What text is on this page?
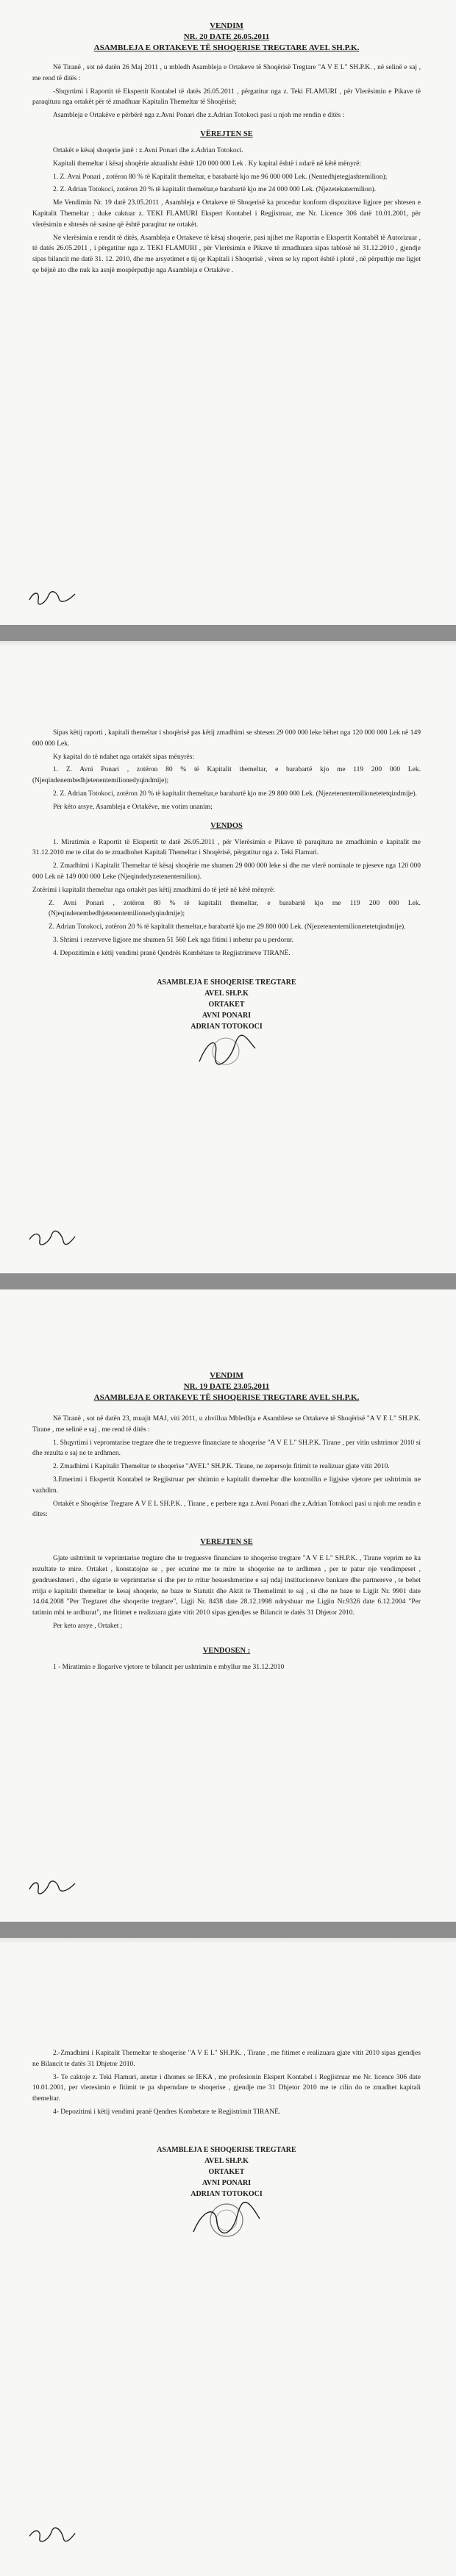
VENDIM
NR. 20 DATE 26.05.2011
ASAMBLEJA E ORTAKEVE TË SHOQERISE TREGTARE AVEL SH.P.K.

Në Tiranë , sot në datën 26 Maj 2011 , u mbledh Asambleja e Ortakeve të Shoqërisë Tregtare "A V E L" SH.P.K. , në selinë e saj , me rend të ditës :

-Shqyrtimi i Raportit të Ekspertit Kontabel të datës 26.05.2011 , përgatitur nga z. Teki FLAMURI , për Vlerësimin e Pikave të paraqitura nga ortakët për të zmadhuar Kapitalin Themeltar të Shoqërisë;

Asambleja e Ortakëve e përbërë nga z.Avni Ponari dhe z.Adrian Totokoci pasi u njoh me rendin e ditës :

VËREJTEN SE

Ortakët e kësaj shoqerie janë : z.Avni Ponari dhe z.Adrian Totokoci.

Kapitali themeltar i kësaj shoqërie aktualisht është 120 000 000 Lek . Ky kapital është i ndarë në këtë mënyrë:

1. Z. Avni Ponari , zotëron 80 % të Kapitalit themeltar, e barabartë kjo me 96 000 000 Lek. (Nentedhjetegjashtemilion);

2. Z. Adrian Totokoci, zotëron 20 % të kapitalit themeltar,e barabartë kjo me 24 000 000 Lek. (Njezetekatermilion).

Me Vendimin Nr. 19 datë 23.05.2011 , Asambleja e Ortakeve të Shoqerisë ka procedur konform dispozitave ligjore per shtesen e Kapitalit Themeltar ; duke caktuar z. TEKI FLAMURI Ekspert Kontabel i Regjistruar, me Nr. Licence 306 datë 10.01.2001, për vlerësimin e shtesës në sasine që është paraqitur ne ortakët.

Ne vlerësimin e rendit të ditës, Asambleja e Ortakeve të kësaj shoqerie, pasi njihet me Raportin e Ekspertit Kontabël të Autorizuar , të datës 26.05.2011 , i përgatitur nga z. TEKI FLAMURI , për Vlerësimin e Pikave të zmadhuara sipas tablosë në 31.12.2010 , gjendje sipas bilancit me datë 31. 12. 2010, dhe me arsyetimet e tij qe Kapitali i Shoqerisë , vëren se ky raport është i plotë , në përputhje me ligjet qe bëjnë ato dhe nuk ka asnjë mospërputhje nga Asambleja e Ortakëve .

Sipas këtij raporti , kapitali themeltar i shoqërisë pas këtij zmadhimi se shtesen 29 000 000 leke bëhet nga 120 000 000 Lek në 149 000 000 Lek.

Ky kapital do të ndahet nga ortakët sipas mënyrës:

1. Z. Avni Ponari , zotëron 80 % të Kapitalit themeltar, e barabartë kjo me 119 200 000 Lek. (Njeqindenembedhjetenentemilionedyqindmije);

2. Z. Adrian Totokoci, zotëron 20 % të kapitalit themeltar,e barabartë kjo me 29 800 000 Lek. (Njezetenentemilionetetetqindmije).

Për këto arsye, Asambleja e Ortakëve, me votim unanim;

VENDOS

1. Miratimin e Raportit të Ekspertit te datë 26.05.2011 , për Vlerësimin e Pikave të paraqitura ne zmadhimin e kapitalit me 31.12.2010 me te cilat do te zmadhohet Kapitali Themeltar i Shoqërisë, përgatitur nga z. Teki Flamuri.

2. Zmadhimi i Kapitalit Themeltar të kësaj shoqërie me shumen 29 000 000 leke si dhe me vlerë nominale te pjeseve nga 120 000 000 Lek në 149 000 000 Leke (Njeqindedyzetenentemilion).

Zotërimi i kapitalit themeltar nga ortakët pas këtij zmadhimi do të jetë në këtë mënyrë:

Z. Avni Ponari , zotëron 80 % të kapitalit themeltar, e barabartë kjo me 119 200 000 Lek. (Njeqindenembedhjetenentemilionedyqindmije);

Z. Adrian Totokoci, zotëron 20 % të kapitalit themeltar,e barabartë kjo me 29 800 000 Lek. (Njezetenentemilionetetetqindmije).

3. Shtimi i rezerveve ligjore me shumen 51 560 Lek nga fitimi i mbetur pa u perdorur.

4. Depozitimin e këtij vendimi pranë Qendrës Kombëtare te Regjistrimeve TIRANË.

ASAMBLEJA E SHOQERISE TREGTARE
AVEL SH.P.K
ORTAKET
AVNI PONARI
ADRIAN TOTOKOCI
VENDIM
NR. 19 DATE 23.05.2011
ASAMBLEJA E ORTAKEVE TË SHOQERISE TREGTARE AVEL SH.P.K.

Në Tiranë , sot në datën 23, muajit MAJ, viti 2011, u zhvillua Mbledhja e Asamblese se Ortakeve të Shoqërisë "A V E L" SH.P.K. Tirane , me selinë e saj , me rend të ditës :

1. Shqyrtimi i vepromtarise tregtare dhe te treguesve financiare te shoqerise "A V E L" SH.P.K. Tirane , per vitin ushtrimor 2010 si dhe rezulta e saj ne te ardhmen.

2. Zmadhimi i Kapitalit Themeltar te shoqerise "AVEL" SH.P.K. Tirane, ne zepersojn fitimit te realizuar gjate vitit 2010.

3.Emerimi i Ekspertit Kontabel te Regjistruar per shtimin e kapitalit themeltar dhe kontrollin e ligjsise vjetore per ushtrimin ne vazhdim.

Ortakët e Shoqërise Tregtare A V E L SH.P.K. , Tirane , e perbere nga z.Avni Ponari dhe z.Adrian Totokoci pasi u njoh me rendin e dites:

VEREJTEN SE

Gjate ushtrimit te veprimtarise tregtare dhe te treguesve financiare te shoqerise tregtare "A V E L" SH.P.K. , Tirane veprim ne ka rezultate te mire. Ortaket , konstatojne se , per ecurine me te mire te shoqerise ne te ardhmen , per te patur nje vendimpeset , gendrueshmeri , dhe sigurie te veprimtarise si dhe per te rritur besueshmerine e saj ndaj institucioneve bankare dhe partnereve , te behet rritja e kapitalit themeltar te kesaj shoqerie, ne baze te Statutit dhe Aktit te Themelimit te saj , si dhe ne baze te Ligjit Nr. 9901 date 14.04.2008 "Per Tregtaret dhe shoqerite tregtare", Ligji Nr. 8438 date 28.12.1998 ndryshuar me Ligjin Nr.9326 date 6.12.2004 "Per tatimin mbi te ardhurat", me fitimet e realizuara gjate vitit 2010 sipas gjendjes se Bilancit te datës 31 Dhjetor 2010.

Per keto arsye , Ortaket ;

VENDOSEN :

1 - Miratimin e llogarive vjetore te bilancit per ushtrimin e mbyllur me 31.12.2010

2.-Zmadhimi i Kapitalit Themeltar te shoqerise "A V E L" SH.P.K. , Tirane , me fitimet e realizuara gjate vitit 2010 sipas gjendjes ne Bilancit te datës 31 Dhjetor 2010.

3- Te caktoje z. Teki Flamuri, anetar i dhomes se IEKA , me profesionin Ekspert Kontabel i Regjistruar me Nr. licence 306 date 10.01.2001, per vleresimin e fitimit te pa shperndare te shoqerise , gjendje me 31 Dhjetor 2010 me te cilin do te zmadhet kapitali themeltar.

4- Depozitimi i këtij vendimi pranë Qendres Kombetare te Regjistrimit TIRANË.

ASAMBLEJA E SHOQERISE TREGTARE
AVEL SH.P.K
ORTAKET
AVNI PONARI
ADRIAN TOTOKOCI
